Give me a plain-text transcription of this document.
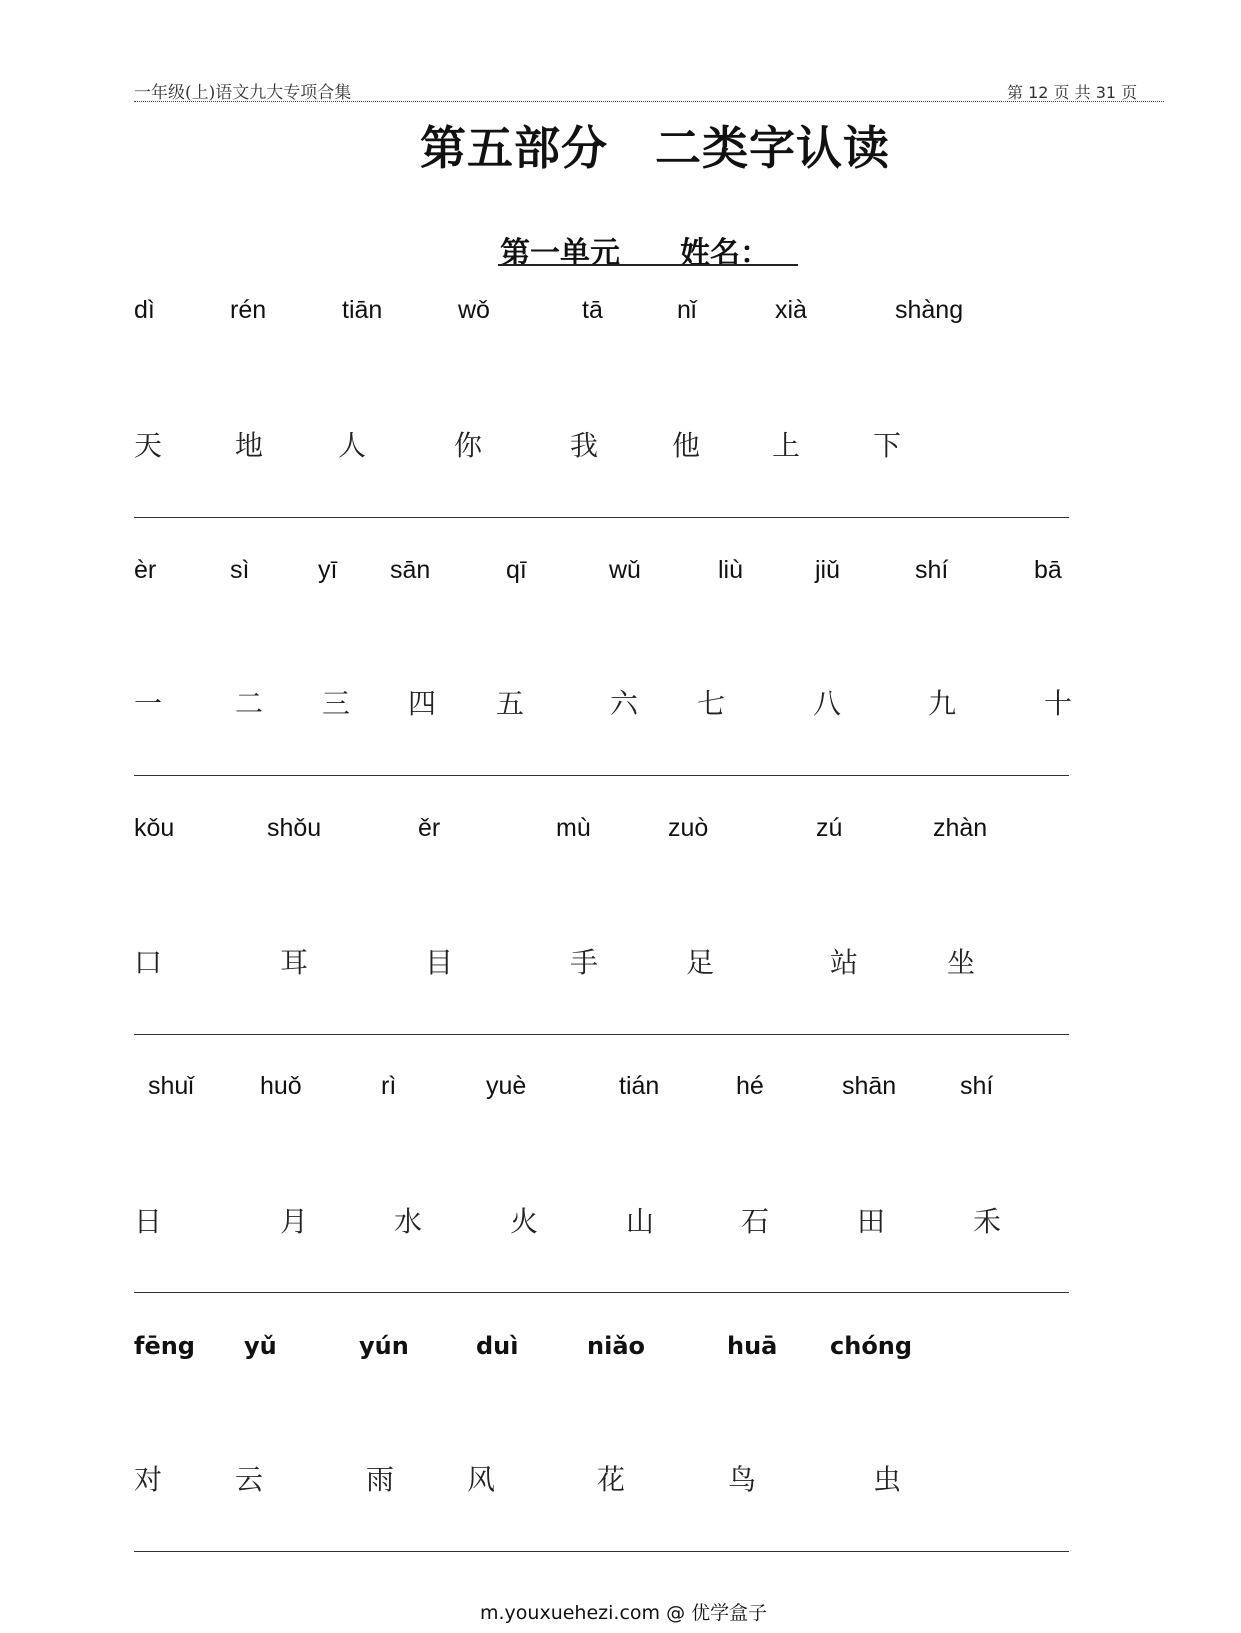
一年级(上)语文九大专项合集	第 12 页 共 31 页
第五部分　二类字认读
第一单元 姓名：
dì	rén	tiān	wǒ	tā	nǐ	xià	shàng
天	地	人	你	我	他	上	下
èr	sì	yī sān	qī	wǔ	liù	jiǔ	shí	bā
一	二 三 四 五	六 七	八	九	十
kǒu	shǒu	ěr	mù	zuò	zú	zhàn
口	耳	目	手	足	站	坐
shuǐ	huǒ	rì	yuè	tián	hé	shān	shí
日	月	水	火	山	石	田	禾
fēng yǔ	yún	duì	niǎo	huā chóng
对	云	雨	风	花	鸟	虫
m.youxuehezi.com @ 优学盒子
